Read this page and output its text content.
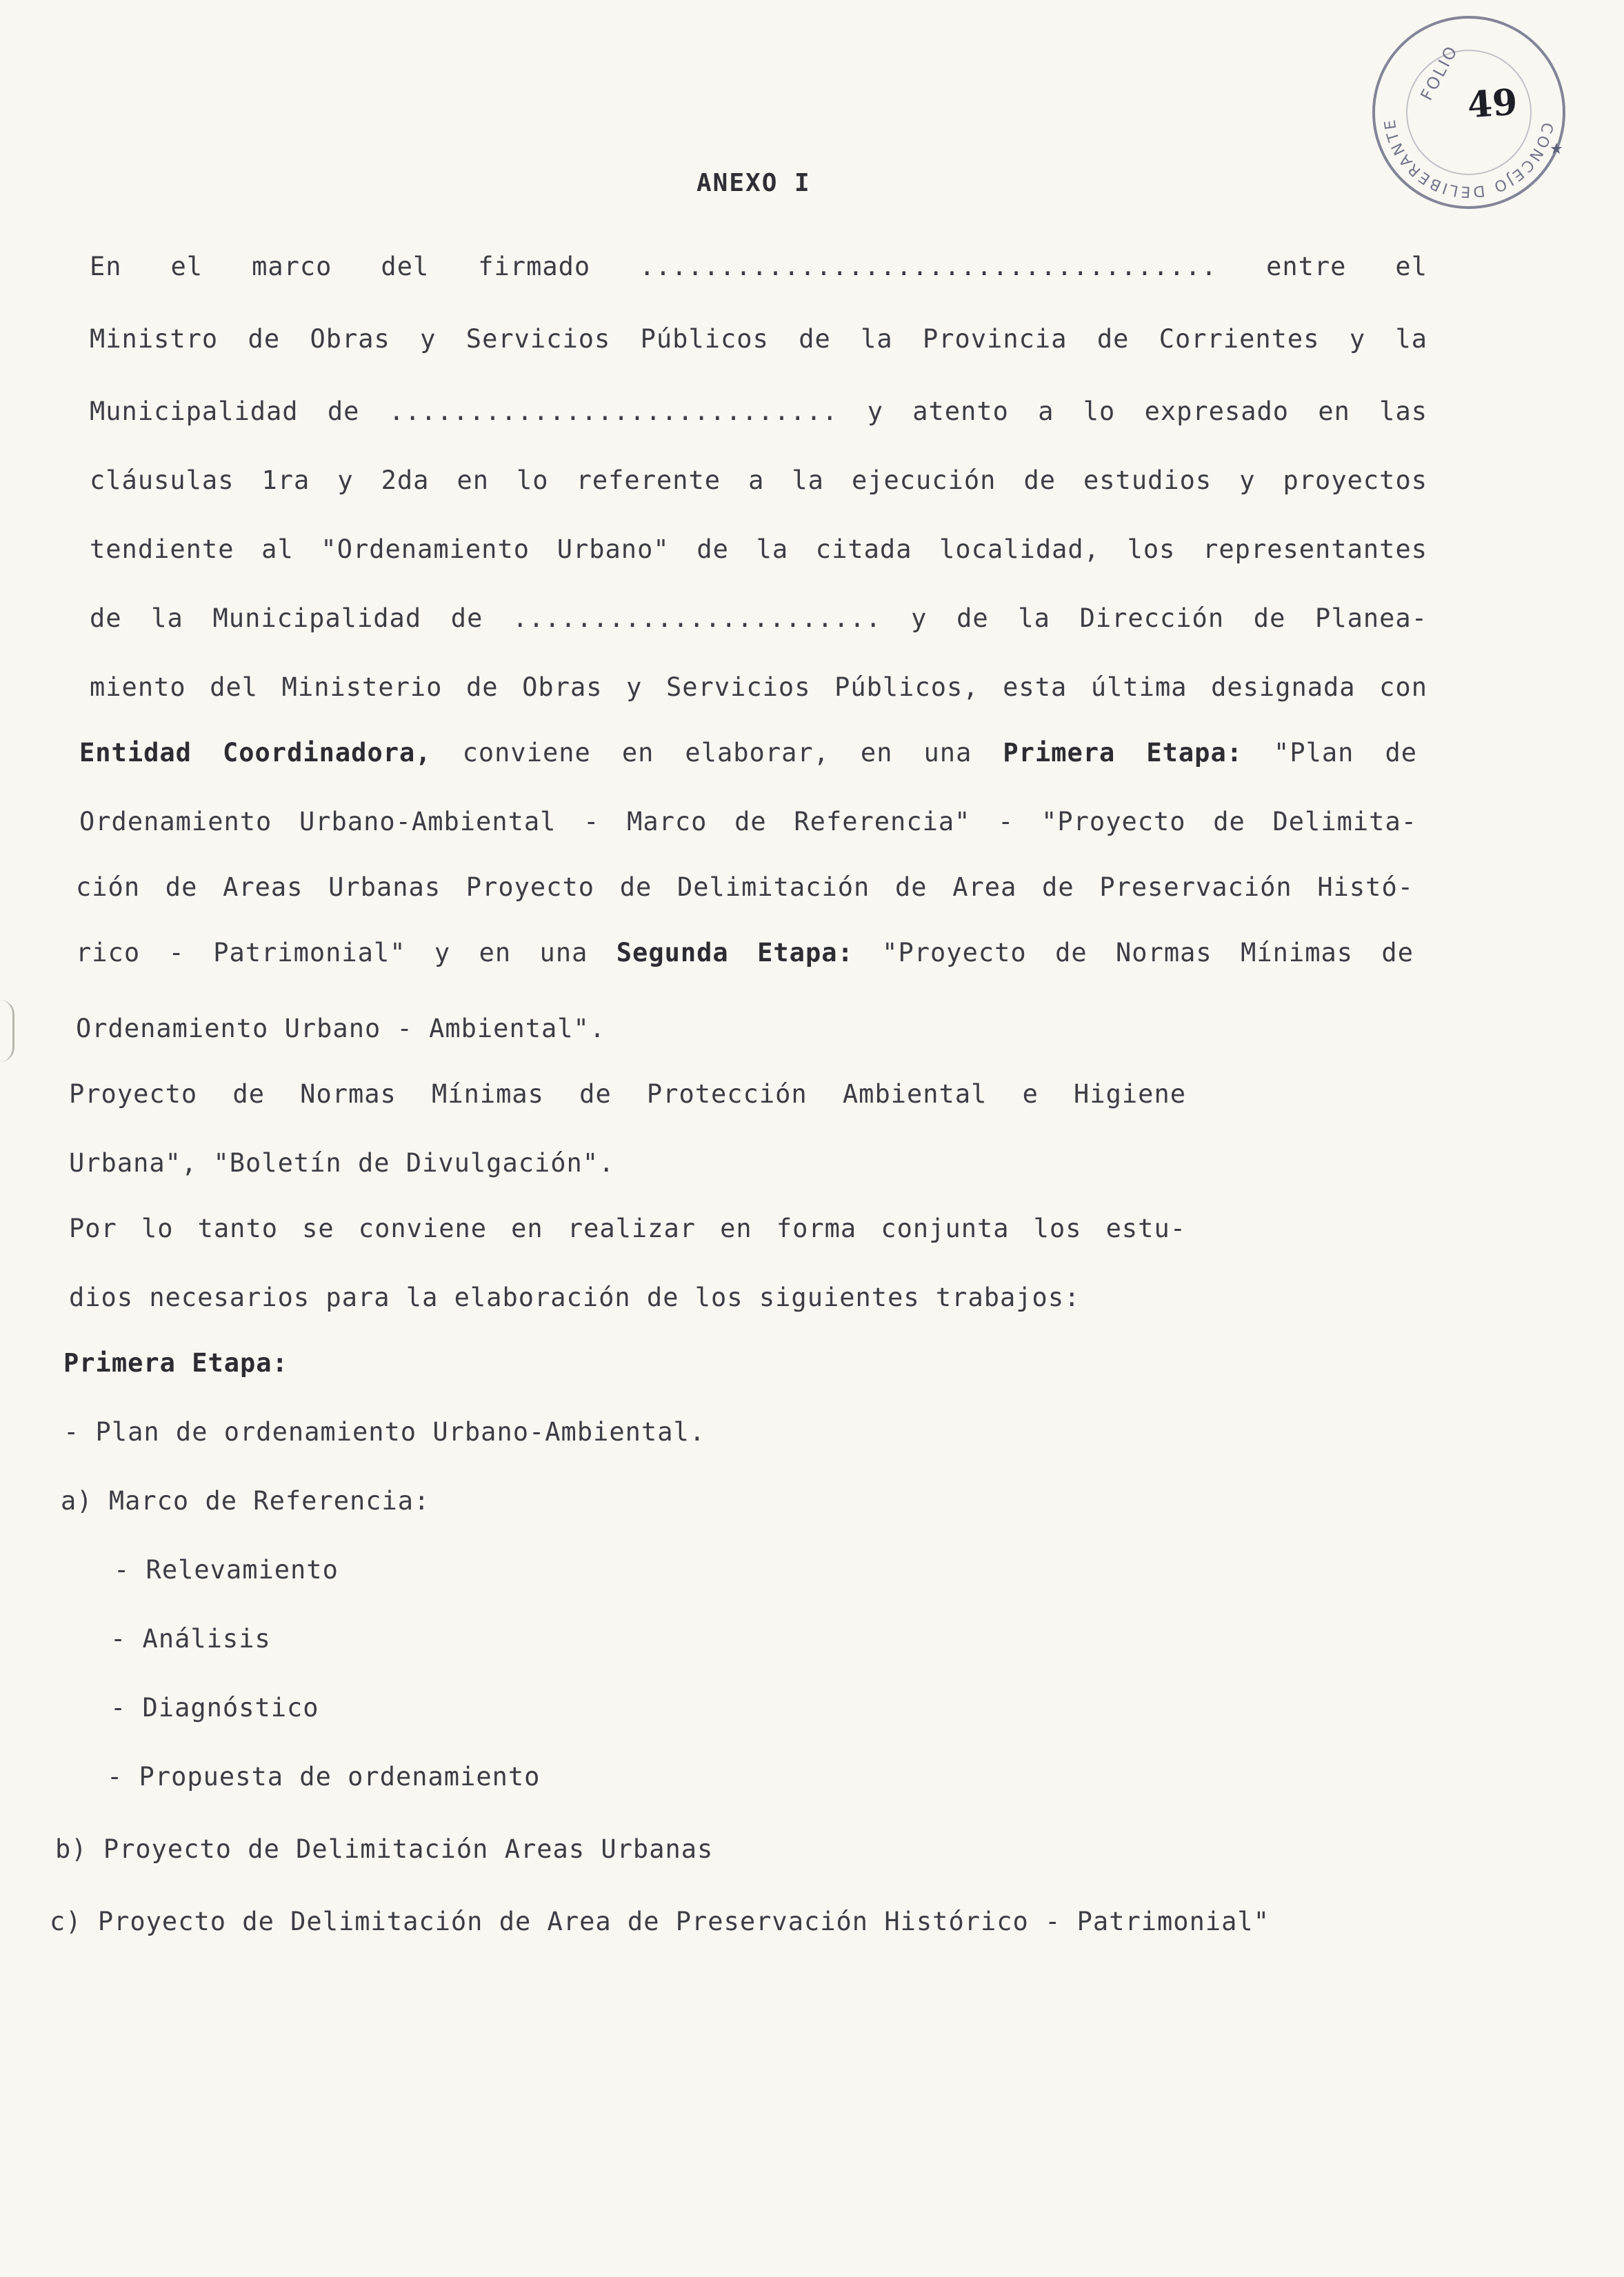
CONCEJO DELIBERANTE
FOLIO
★
49
ANEXO I
En el marco del firmado .................................... entre el
Ministro de Obras y Servicios Públicos de la Provincia de Corrientes y la
Municipalidad de ............................ y atento a lo expresado en las
cláusulas 1ra y 2da en lo referente a la ejecución de estudios y proyectos
tendiente al "Ordenamiento Urbano" de la citada localidad, los representantes
de la Municipalidad de ....................... y de la Dirección de Planea-
miento del Ministerio de Obras y Servicios Públicos, esta última designada con
Entidad Coordinadora, conviene en elaborar, en una Primera Etapa: "Plan de
Ordenamiento Urbano-Ambiental - Marco de Referencia" - "Proyecto de Delimita-
ción de Areas Urbanas Proyecto de Delimitación de Area de Preservación Histó-
rico - Patrimonial" y en una Segunda Etapa: "Proyecto de Normas Mínimas de
Ordenamiento Urbano - Ambiental".
Proyecto de Normas Mínimas de Protección Ambiental e Higiene
Urbana", "Boletín de Divulgación".
Por lo tanto se conviene en realizar en forma conjunta los estu-
dios necesarios para la elaboración de los siguientes trabajos:
Primera Etapa:
- Plan de ordenamiento Urbano-Ambiental.
a) Marco de Referencia:
- Relevamiento
- Análisis
- Diagnóstico
- Propuesta de ordenamiento
b) Proyecto de Delimitación Areas Urbanas
c) Proyecto de Delimitación de Area de Preservación Histórico - Patrimonial"
